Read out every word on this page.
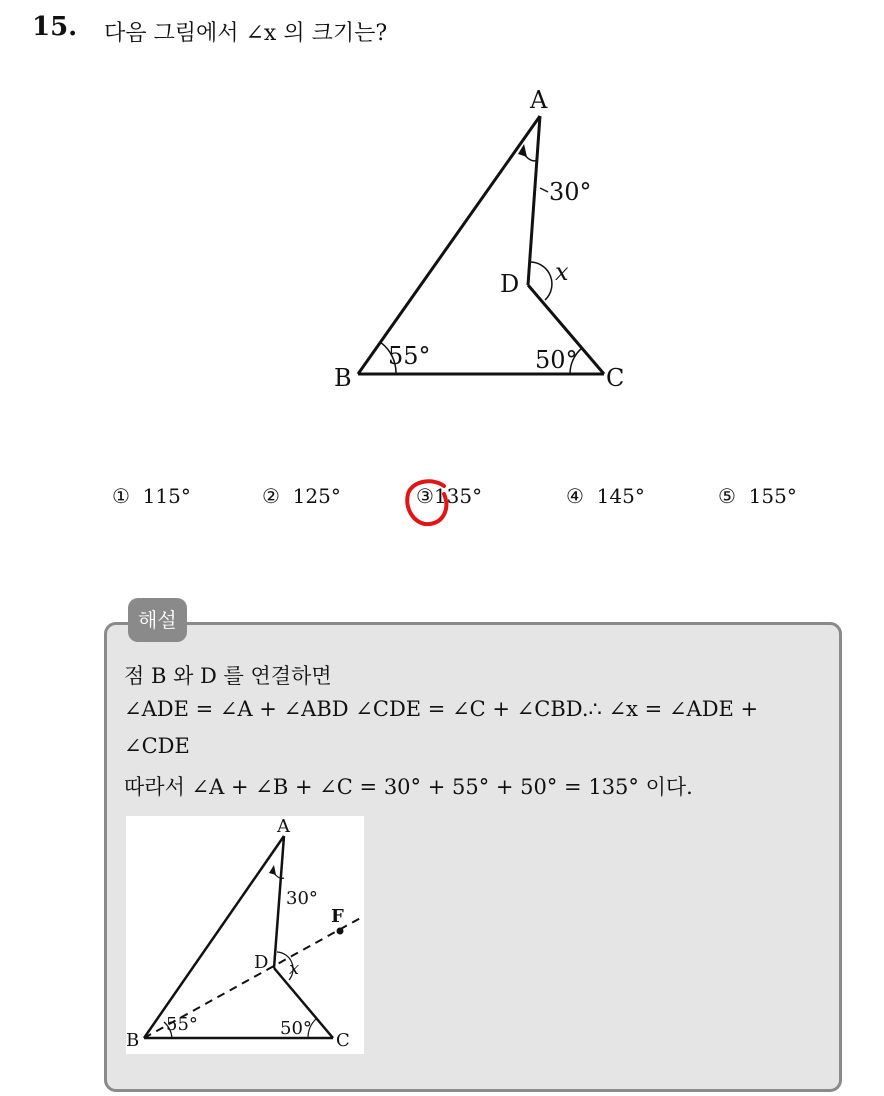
15. 다음 그림에서 ∠x 의 크기는?
A
B	C
D
30°
x
55°	50°
① 115°	② 125°	③135°	④ 145°	⑤ 155°
해설
점 B 와 D 를 연결하면
∠ADE = ∠A + ∠ABD ∠CDE = ∠C + ∠CBD.∴ ∠x = ∠ADE +
∠CDE
따라서 ∠A + ∠B + ∠C = 30° + 55° + 50° = 135° 이다.
A
B	C
D
F
30°
x
55°	50°
